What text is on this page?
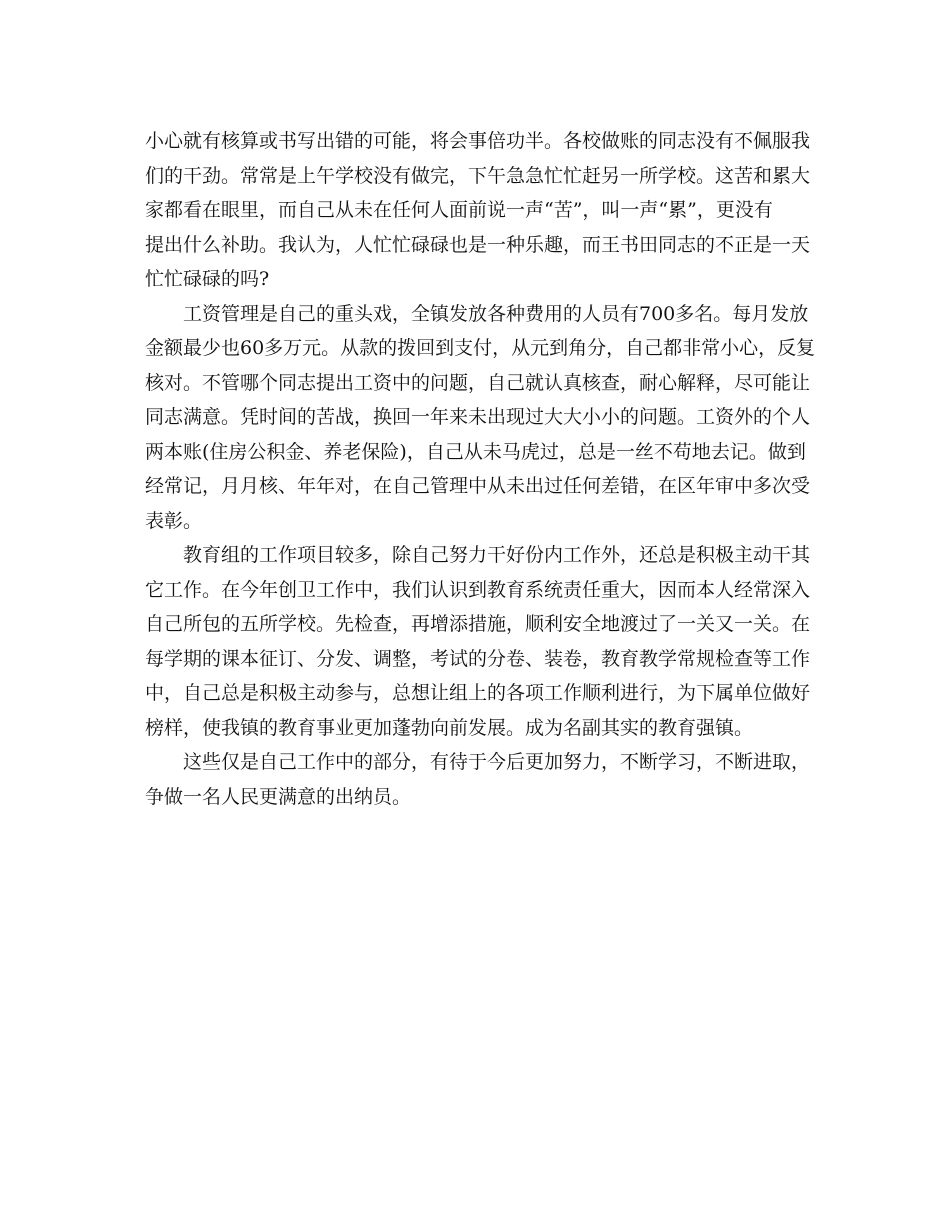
小心就有核算或书写出错的可能，将会事倍功半。各校做账的同志没有不佩服我
们的干劲。常常是上午学校没有做完，下午急急忙忙赶另一所学校。这苦和累大
家都看在眼里，而自己从未在任何人面前说一声“苦”，叫一声“累”，更没有
提出什么补助。我认为，人忙忙碌碌也是一种乐趣，而王书田同志的不正是一天
忙忙碌碌的吗?
工资管理是自己的重头戏，全镇发放各种费用的人员有700多名。每月发放
金额最少也60多万元。从款的拨回到支付，从元到角分，自己都非常小心，反复
核对。不管哪个同志提出工资中的问题，自己就认真核查，耐心解释，尽可能让
同志满意。凭时间的苦战，换回一年来未出现过大大小小的问题。工资外的个人
两本账(住房公积金、养老保险)，自己从未马虎过，总是一丝不苟地去记。做到
经常记，月月核、年年对，在自己管理中从未出过任何差错，在区年审中多次受
表彰。
教育组的工作项目较多，除自己努力干好份内工作外，还总是积极主动干其
它工作。在今年创卫工作中，我们认识到教育系统责任重大，因而本人经常深入
自己所包的五所学校。先检查，再增添措施，顺利安全地渡过了一关又一关。在
每学期的课本征订、分发、调整，考试的分卷、装卷，教育教学常规检查等工作
中，自己总是积极主动参与，总想让组上的各项工作顺利进行，为下属单位做好
榜样，使我镇的教育事业更加蓬勃向前发展。成为名副其实的教育强镇。
这些仅是自己工作中的部分，有待于今后更加努力，不断学习，不断进取，
争做一名人民更满意的出纳员。
